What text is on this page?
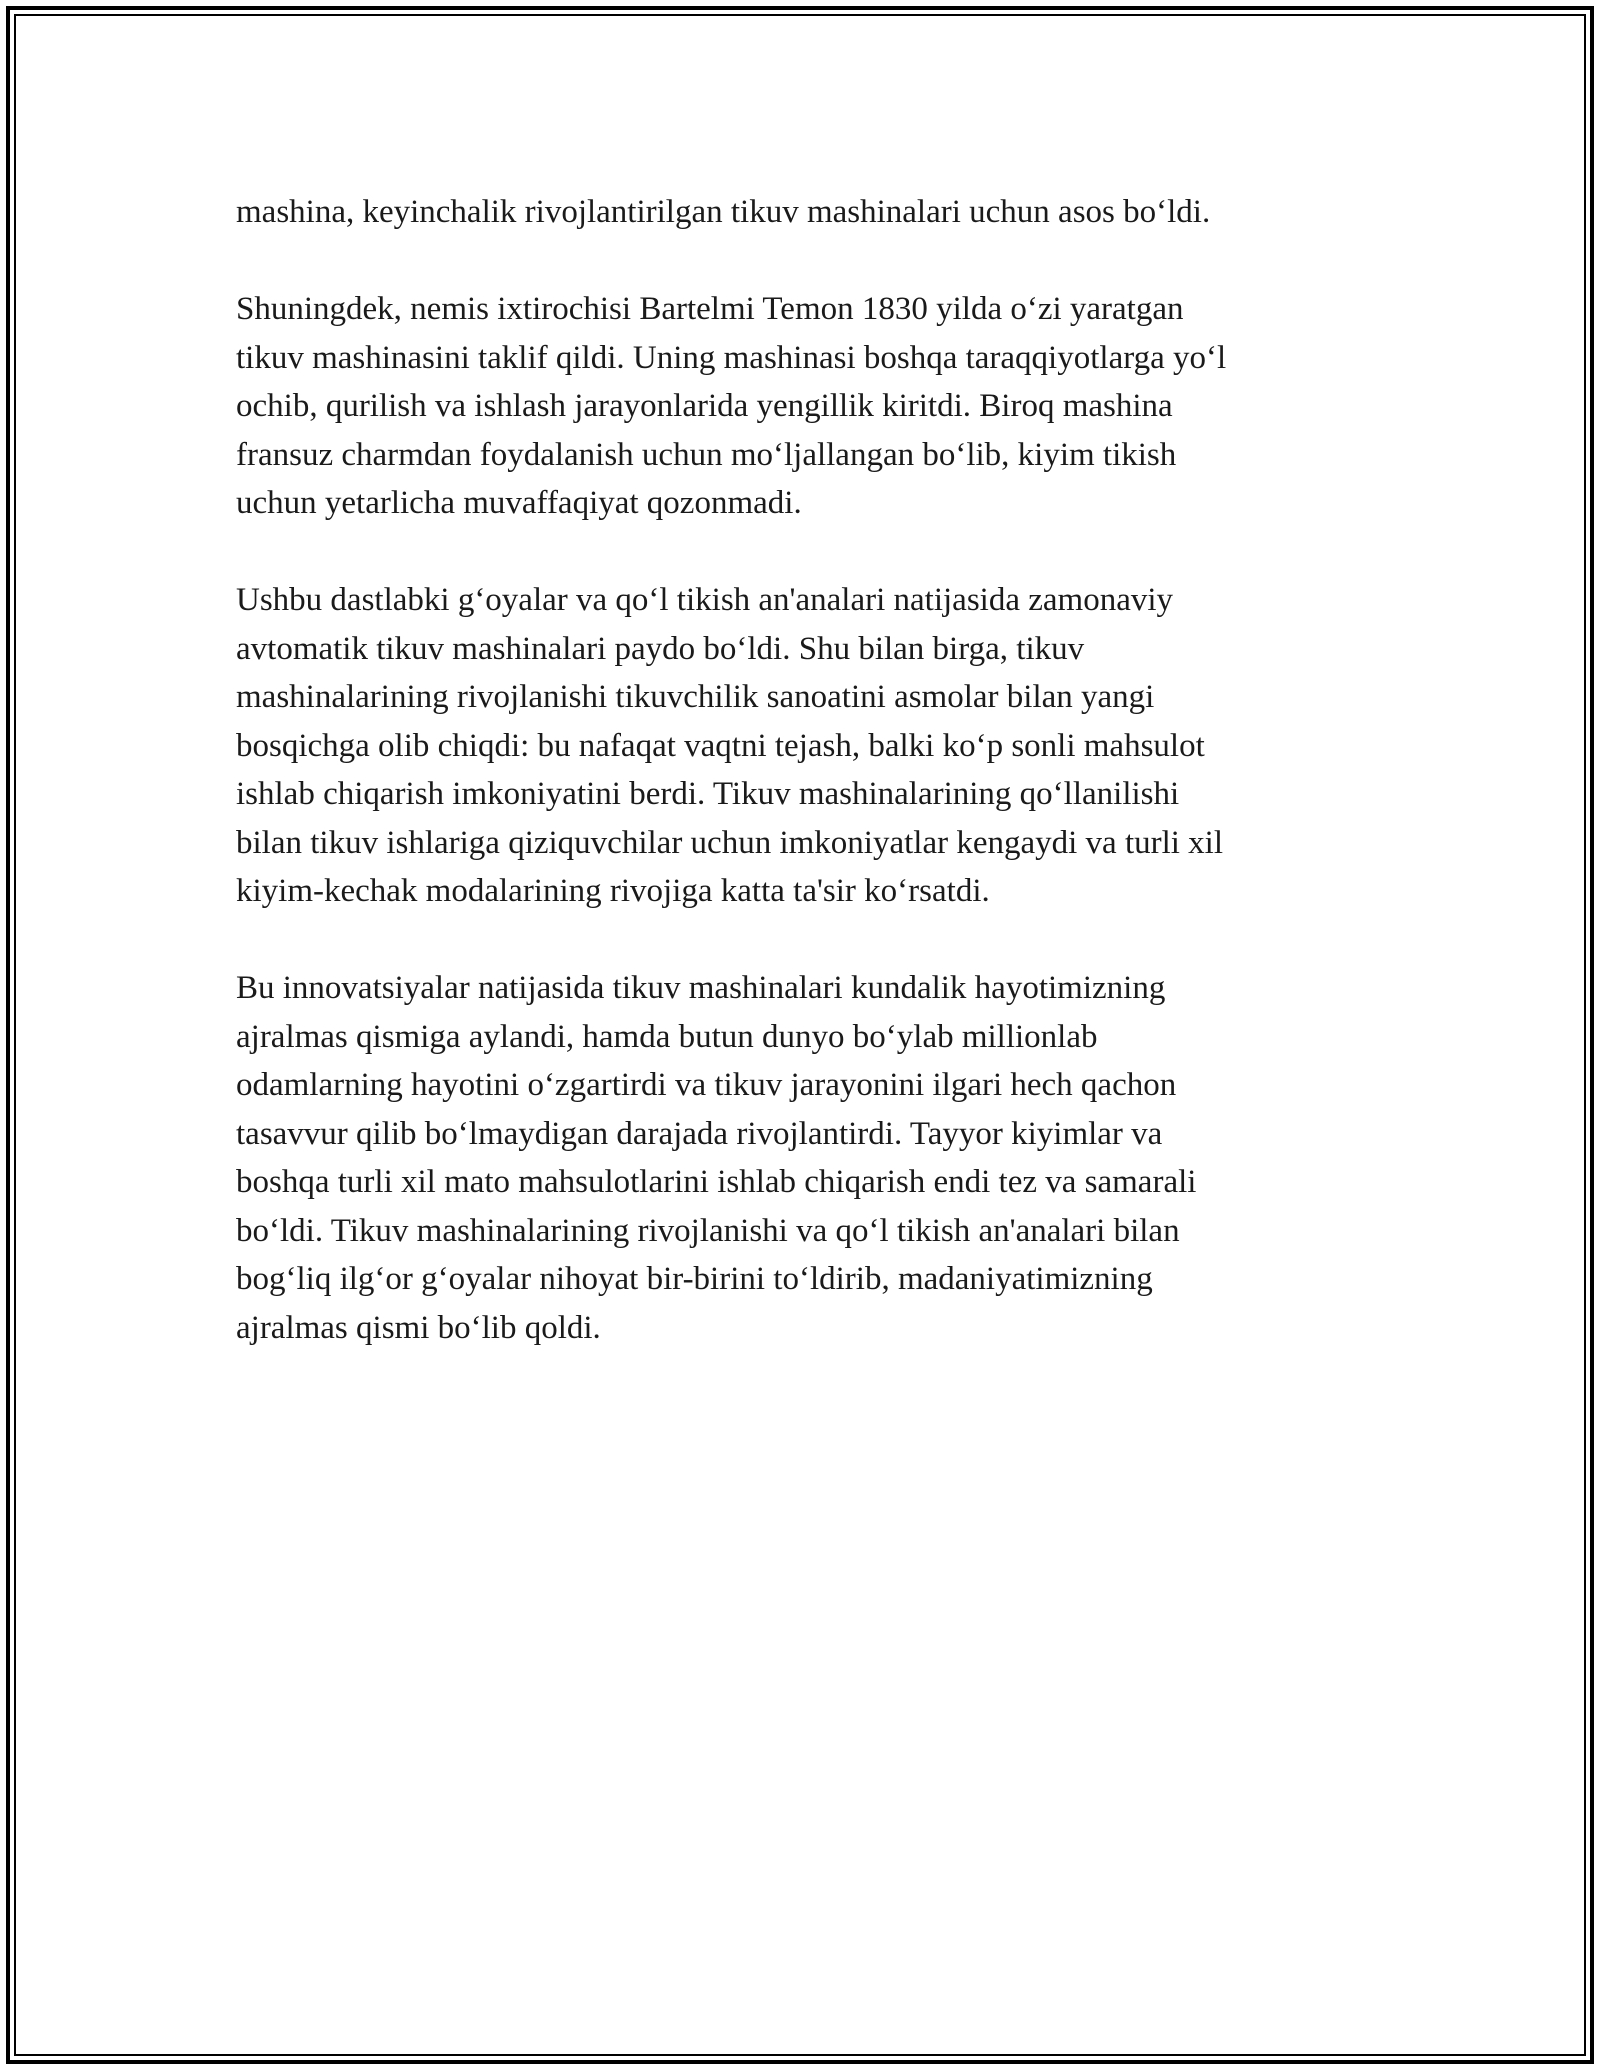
mashina, keyinchalik rivojlantirilgan tikuv mashinalari uchun asos bo‘ldi.
Shuningdek, nemis ixtirochisi Bartelmi Temon 1830 yilda o‘zi yaratgan
tikuv mashinasini taklif qildi. Uning mashinasi boshqa taraqqiyotlarga yo‘l
ochib, qurilish va ishlash jarayonlarida yengillik kiritdi. Biroq mashina
fransuz charmdan foydalanish uchun mo‘ljallangan bo‘lib, kiyim tikish
uchun yetarlicha muvaffaqiyat qozonmadi.
Ushbu dastlabki g‘oyalar va qo‘l tikish an'analari natijasida zamonaviy
avtomatik tikuv mashinalari paydo bo‘ldi. Shu bilan birga, tikuv
mashinalarining rivojlanishi tikuvchilik sanoatini asmolar bilan yangi
bosqichga olib chiqdi: bu nafaqat vaqtni tejash, balki ko‘p sonli mahsulot
ishlab chiqarish imkoniyatini berdi. Tikuv mashinalarining qo‘llanilishi
bilan tikuv ishlariga qiziquvchilar uchun imkoniyatlar kengaydi va turli xil
kiyim-kechak modalarining rivojiga katta ta'sir ko‘rsatdi.
Bu innovatsiyalar natijasida tikuv mashinalari kundalik hayotimizning
ajralmas qismiga aylandi, hamda butun dunyo bo‘ylab millionlab
odamlarning hayotini o‘zgartirdi va tikuv jarayonini ilgari hech qachon
tasavvur qilib bo‘lmaydigan darajada rivojlantirdi. Tayyor kiyimlar va
boshqa turli xil mato mahsulotlarini ishlab chiqarish endi tez va samarali
bo‘ldi. Tikuv mashinalarining rivojlanishi va qo‘l tikish an'analari bilan
bog‘liq ilg‘or g‘oyalar nihoyat bir-birini to‘ldirib, madaniyatimizning
ajralmas qismi bo‘lib qoldi.
